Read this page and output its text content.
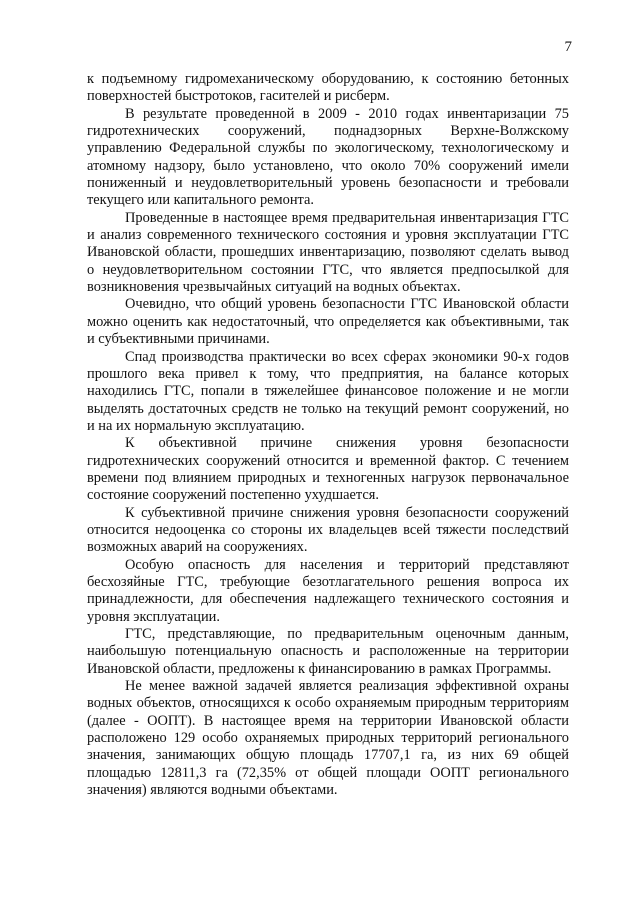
7

к подъемному гидромеханическому оборудованию, к состоянию бетонных поверхностей быстротоков, гасителей и рисберм.

В результате проведенной в 2009 - 2010 годах инвентаризации 75 гидротехнических сооружений, поднадзорных Верхне-Волжскому управлению Федеральной службы по экологическому, технологическому и атомному надзору, было установлено, что около 70% сооружений имели пониженный и неудовлетворительный уровень безопасности и требовали текущего или капитального ремонта.

Проведенные в настоящее время предварительная инвентаризация ГТС и анализ современного технического состояния и уровня эксплуатации ГТС Ивановской области, прошедших инвентаризацию, позволяют сделать вывод о неудовлетворительном состоянии ГТС, что является предпосылкой для возникновения чрезвычайных ситуаций на водных объектах.

Очевидно, что общий уровень безопасности ГТС Ивановской области можно оценить как недостаточный, что определяется как объективными, так и субъективными причинами.

Спад производства практически во всех сферах экономики 90-х годов прошлого века привел к тому, что предприятия, на балансе которых находились ГТС, попали в тяжелейшее финансовое положение и не могли выделять достаточных средств не только на текущий ремонт сооружений, но и на их нормальную эксплуатацию.

К объективной причине снижения уровня безопасности гидротехнических сооружений относится и временной фактор. С течением времени под влиянием природных и техногенных нагрузок первоначальное состояние сооружений постепенно ухудшается.

К субъективной причине снижения уровня безопасности сооружений относится недооценка со стороны их владельцев всей тяжести последствий возможных аварий на сооружениях.

Особую опасность для населения и территорий представляют бесхозяйные ГТС, требующие безотлагательного решения вопроса их принадлежности, для обеспечения надлежащего технического состояния и уровня эксплуатации.

ГТС, представляющие, по предварительным оценочным данным, наибольшую потенциальную опасность и расположенные на территории Ивановской области, предложены к финансированию в рамках Программы.

Не менее важной задачей является реализация эффективной охраны водных объектов, относящихся к особо охраняемым природным территориям (далее - ООПТ). В настоящее время на территории Ивановской области расположено 129 особо охраняемых природных территорий регионального значения, занимающих общую площадь 17707,1 га, из них 69 общей площадью 12811,3 га (72,35% от общей площади ООПТ регионального значения) являются водными объектами.
